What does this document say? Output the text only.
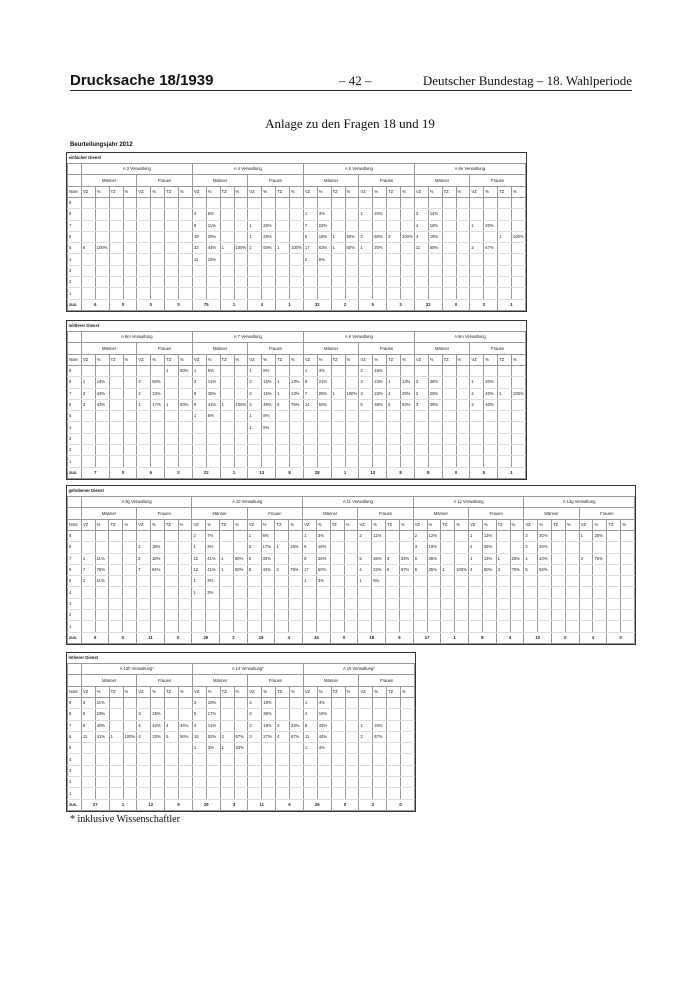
Drucksache 18/1939	– 42 –	Deutscher Bundestag – 18. Wahlperiode
Anlage zu den Fragen 18 und 19
Beurteilungsjahr 2012
einfacher Dienst																																
	A 3 Verwaltung								A 4 Verwaltung								A 5 Verwaltung								A 6e Verwaltung							
	Männer				Frauen				Männer				Frauen				Männer				Frauen				Männer				Frauen			
Note	VZ	%	TZ	%	VZ	%	TZ	%	VZ	%	TZ	%	VZ	%	TZ	%	VZ	%	TZ	%	VZ	%	TZ	%	VZ	%	TZ	%	VZ	%	TZ	%
9																																
8									4	5%							1	3%			1	20%			3	14%						
7									8	11%			1	25%			7	22%							4	18%			1	20%		
6									19	25%			1	25%			5	16%	1	50%	3	60%	3	100%	4	18%					1	100%
5	6	100%							33	44%	1	100%	2	50%	1	100%	17	53%	1	50%	1	20%			11	50%			2	67%		
4									11	15%							2	6%														
3																																
2																																
1																																
zus.	6		0		0		0		75		1		4		1		32		2		5		3		22		0		3		1	
mittlerer Dienst																																
	A 6m Verwaltung								A 7 Verwaltung								A 8 Verwaltung								A 9m Verwaltung							
	Männer				Frauen				Männer				Frauen				Männer				Frauen				Männer				Frauen			
Note	VZ	%	TZ	%	VZ	%	TZ	%	VZ	%	TZ	%	VZ	%	TZ	%	VZ	%	TZ	%	VZ	%	TZ	%	VZ	%	TZ	%	VZ	%	TZ	%
9							1	50%	1	5%			1	8%			1	4%			2	15%										
8	1	14%			3	50%			3	14%			2	15%	1	13%	6	21%			3	23%	1	13%	3	38%			1	20%		
7	3	43%			2	33%			8	36%			2	15%	1	13%	7	25%	1	100%	3	23%	2	25%	2	25%			2	40%	1	100%
6	3	43%			1	17%	1	50%	9	41%	1	100%	4	46%	6	75%	14	50%			5	38%	5	63%	3	38%			2	40%		
5									1	5%			1	8%																		
4													1	8%																		
3																																
2																																
1																																
zus.	7		0		6		2		22		1		13		8		28		1		13		8		8		0		5		1	
gehobener Dienst																																								
	A 9g Verwaltung								A 10 Verwaltung								A 11 Verwaltung								A 12 Verwaltung								A 13g Verwaltung							
	Männer				Frauen				Männer				Frauen				Männer				Frauen				Männer				Frauen				Männer				Frauen			
Note	VZ	%	TZ	%	VZ	%	TZ	%	VZ	%	TZ	%	VZ	%	TZ	%	VZ	%	TZ	%	VZ	%	TZ	%	VZ	%	TZ	%	VZ	%	TZ	%	VZ	%	TZ	%	VZ	%	TZ	%
9									2	7%			1	6%			1	3%			2	11%			2	12%			1	13%			2	20%			1	25%		
8					2	18%			1	3%			3	17%	1	25%	6	18%							3	18%			2	25%			2	20%						
7	1	11%			2	18%			12	41%	1	50%	6	33%			8	26%			5	26%	3	33%	6	35%			1	13%	1	25%	1	10%			3	75%		
6	7	78%			7	64%			12	41%	1	50%	8	44%	3	75%	17	50%			4	22%	6	67%	6	35%	1	100%	4	50%	3	75%	5	50%						
5	1	11%							1	3%							1	3%			1	6%																		
4									1	3%																														
3																																								
2																																								
1																																								
zus.	9		0		11		0		29		2		18		4		34		0		18		9		17		1		8		4		10		0		4		0	
höherer Dienst																								
	A 13h Verwaltung*								A 14 Verwaltung*								A 15 Verwaltung*							
	Männer				Frauen				Männer				Frauen				Männer				Frauen			
Note	VZ	%	TZ	%	VZ	%	TZ	%	VZ	%	TZ	%	VZ	%	TZ	%	VZ	%	TZ	%	VZ	%	TZ	%
9	3	11%							3	10%			2	18%			1	4%						
8	5	19%			3	25%			5	17%			4	36%			4	16%						
7	8	30%			5	42%	4	44%	4	14%			2	18%	2	33%	8	32%			1	33%		
6	11	41%	1	100%	4	33%	5	56%	15	52%	2	67%	3	27%	4	67%	11	44%			2	67%		
5									1	3%	1	33%					1	4%						
4																								
3																								
2																								
1																								
zus.	27		1		12		9		29		3		11		6		25		0		3		0	
* inklusive Wissenschaftler
